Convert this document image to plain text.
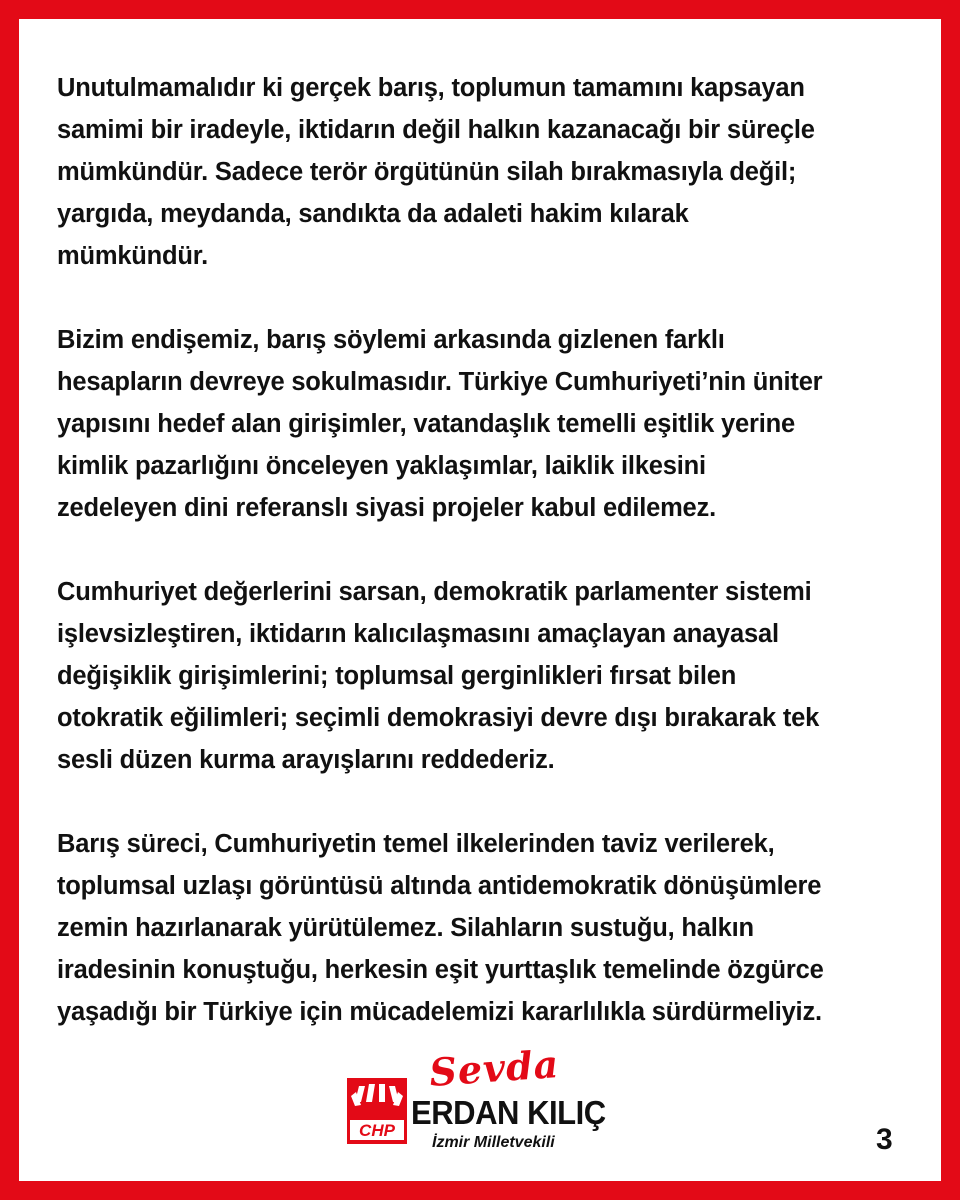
Unutulmamalıdır ki gerçek barış, toplumun tamamını kapsayan
samimi bir iradeyle, iktidarın değil halkın kazanacağı bir süreçle
mümkündür. Sadece terör örgütünün silah bırakmasıyla değil;
yargıda, meydanda, sandıkta da adaleti hakim kılarak
mümkündür.

Bizim endişemiz, barış söylemi arkasında gizlenen farklı
hesapların devreye sokulmasıdır. Türkiye Cumhuriyeti’nin üniter
yapısını hedef alan girişimler, vatandaşlık temelli eşitlik yerine
kimlik pazarlığını önceleyen yaklaşımlar, laiklik ilkesini
zedeleyen dini referanslı siyasi projeler kabul edilemez.

Cumhuriyet değerlerini sarsan, demokratik parlamenter sistemi
işlevsizleştiren, iktidarın kalıcılaşmasını amaçlayan anayasal
değişiklik girişimlerini; toplumsal gerginlikleri fırsat bilen
otokratik eğilimleri; seçimli demokrasiyi devre dışı bırakarak tek
sesli düzen kurma arayışlarını reddederiz.

Barış süreci, Cumhuriyetin temel ilkelerinden taviz verilerek,
toplumsal uzlaşı görüntüsü altında antidemokratik dönüşümlere
zemin hazırlanarak yürütülemez. Silahların sustuğu, halkın
iradesinin konuştuğu, herkesin eşit yurttaşlık temelinde özgürce
yaşadığı bir Türkiye için mücadelemizi kararlılıkla sürdürmeliyiz.

CHP
Sevda
ERDAN KILIÇ
İzmir Milletvekili	3
